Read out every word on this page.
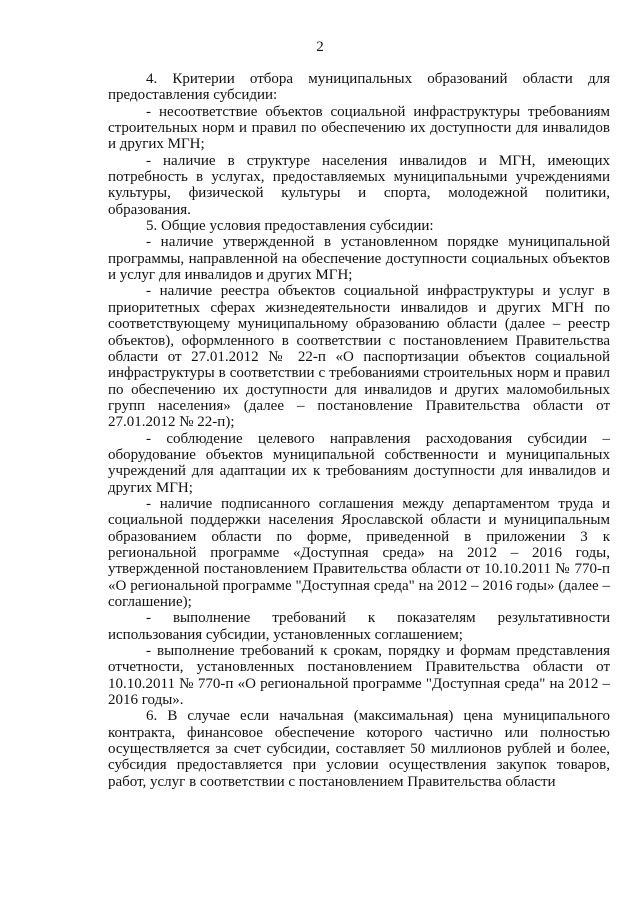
2

4. Критерии отбора муниципальных образований области для предоставления субсидии:

- несоответствие объектов социальной инфраструктуры требованиям строительных норм и правил по обеспечению их доступности для инвалидов и других МГН;

- наличие в структуре населения инвалидов и МГН, имеющих потребность в услугах, предоставляемых муниципальными учреждениями культуры, физической культуры и спорта, молодежной политики, образования.

5. Общие условия предоставления субсидии:

- наличие утвержденной в установленном порядке муниципальной программы, направленной на обеспечение доступности социальных объектов и услуг для инвалидов и других МГН;

- наличие реестра объектов социальной инфраструктуры и услуг в приоритетных сферах жизнедеятельности инвалидов и других МГН по соответствующему муниципальному образованию области (далее – реестр объектов), оформленного в соответствии с постановлением Правительства области от 27.01.2012 № 22-п «О паспортизации объектов социальной инфраструктуры в соответствии с требованиями строительных норм и правил по обеспечению их доступности для инвалидов и других маломобильных групп населения» (далее – постановление Правительства области от 27.01.2012 № 22-п);

- соблюдение целевого направления расходования субсидии – оборудование объектов муниципальной собственности и муниципальных учреждений для адаптации их к требованиям доступности для инвалидов и других МГН;

- наличие подписанного соглашения между департаментом труда и социальной поддержки населения Ярославской области и муниципальным образованием области по форме, приведенной в приложении 3 к региональной программе «Доступная среда» на 2012 – 2016 годы, утвержденной постановлением Правительства области от 10.10.2011 № 770-п «О региональной программе "Доступная среда" на 2012 – 2016 годы» (далее – соглашение);

- выполнение требований к показателям результативности использования субсидии, установленных соглашением;

- выполнение требований к срокам, порядку и формам представления отчетности, установленных постановлением Правительства области от 10.10.2011 № 770-п «О региональной программе "Доступная среда" на 2012 – 2016 годы».

6. В случае если начальная (максимальная) цена муниципального контракта, финансовое обеспечение которого частично или полностью осуществляется за счет субсидии, составляет 50 миллионов рублей и более, субсидия предоставляется при условии осуществления закупок товаров, работ, услуг в соответствии с постановлением Правительства области
